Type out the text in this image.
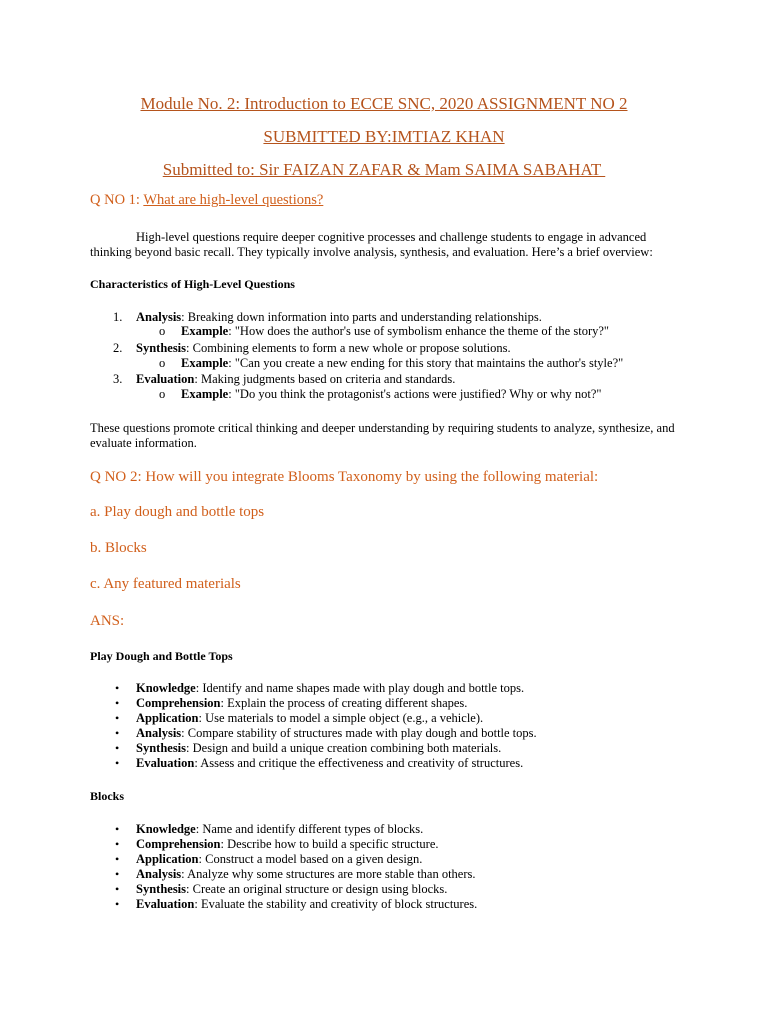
Module No. 2: Introduction to ECCE SNC, 2020 ASSIGNMENT NO 2
SUBMITTED BY:IMTIAZ KHAN
Submitted to: Sir FAIZAN ZAFAR & Mam SAIMA SABAHAT
Q NO 1: What are high-level questions?
High-level questions require deeper cognitive processes and challenge students to engage in advanced
thinking beyond basic recall. They typically involve analysis, synthesis, and evaluation. Here’s a brief overview:
Characteristics of High-Level Questions
1. Analysis: Breaking down information into parts and understanding relationships.
o Example: "How does the author's use of symbolism enhance the theme of the story?"
2. Synthesis: Combining elements to form a new whole or propose solutions.
o Example: "Can you create a new ending for this story that maintains the author's style?"
3. Evaluation: Making judgments based on criteria and standards.
o Example: "Do you think the protagonist's actions were justified? Why or why not?"
These questions promote critical thinking and deeper understanding by requiring students to analyze, synthesize, and
evaluate information.
Q NO 2: How will you integrate Blooms Taxonomy by using the following material:
a. Play dough and bottle tops
b. Blocks
c. Any featured materials
ANS:
Play Dough and Bottle Tops
• Knowledge: Identify and name shapes made with play dough and bottle tops.
• Comprehension: Explain the process of creating different shapes.
• Application: Use materials to model a simple object (e.g., a vehicle).
• Analysis: Compare stability of structures made with play dough and bottle tops.
• Synthesis: Design and build a unique creation combining both materials.
• Evaluation: Assess and critique the effectiveness and creativity of structures.
Blocks
• Knowledge: Name and identify different types of blocks.
• Comprehension: Describe how to build a specific structure.
• Application: Construct a model based on a given design.
• Analysis: Analyze why some structures are more stable than others.
• Synthesis: Create an original structure or design using blocks.
• Evaluation: Evaluate the stability and creativity of block structures.
